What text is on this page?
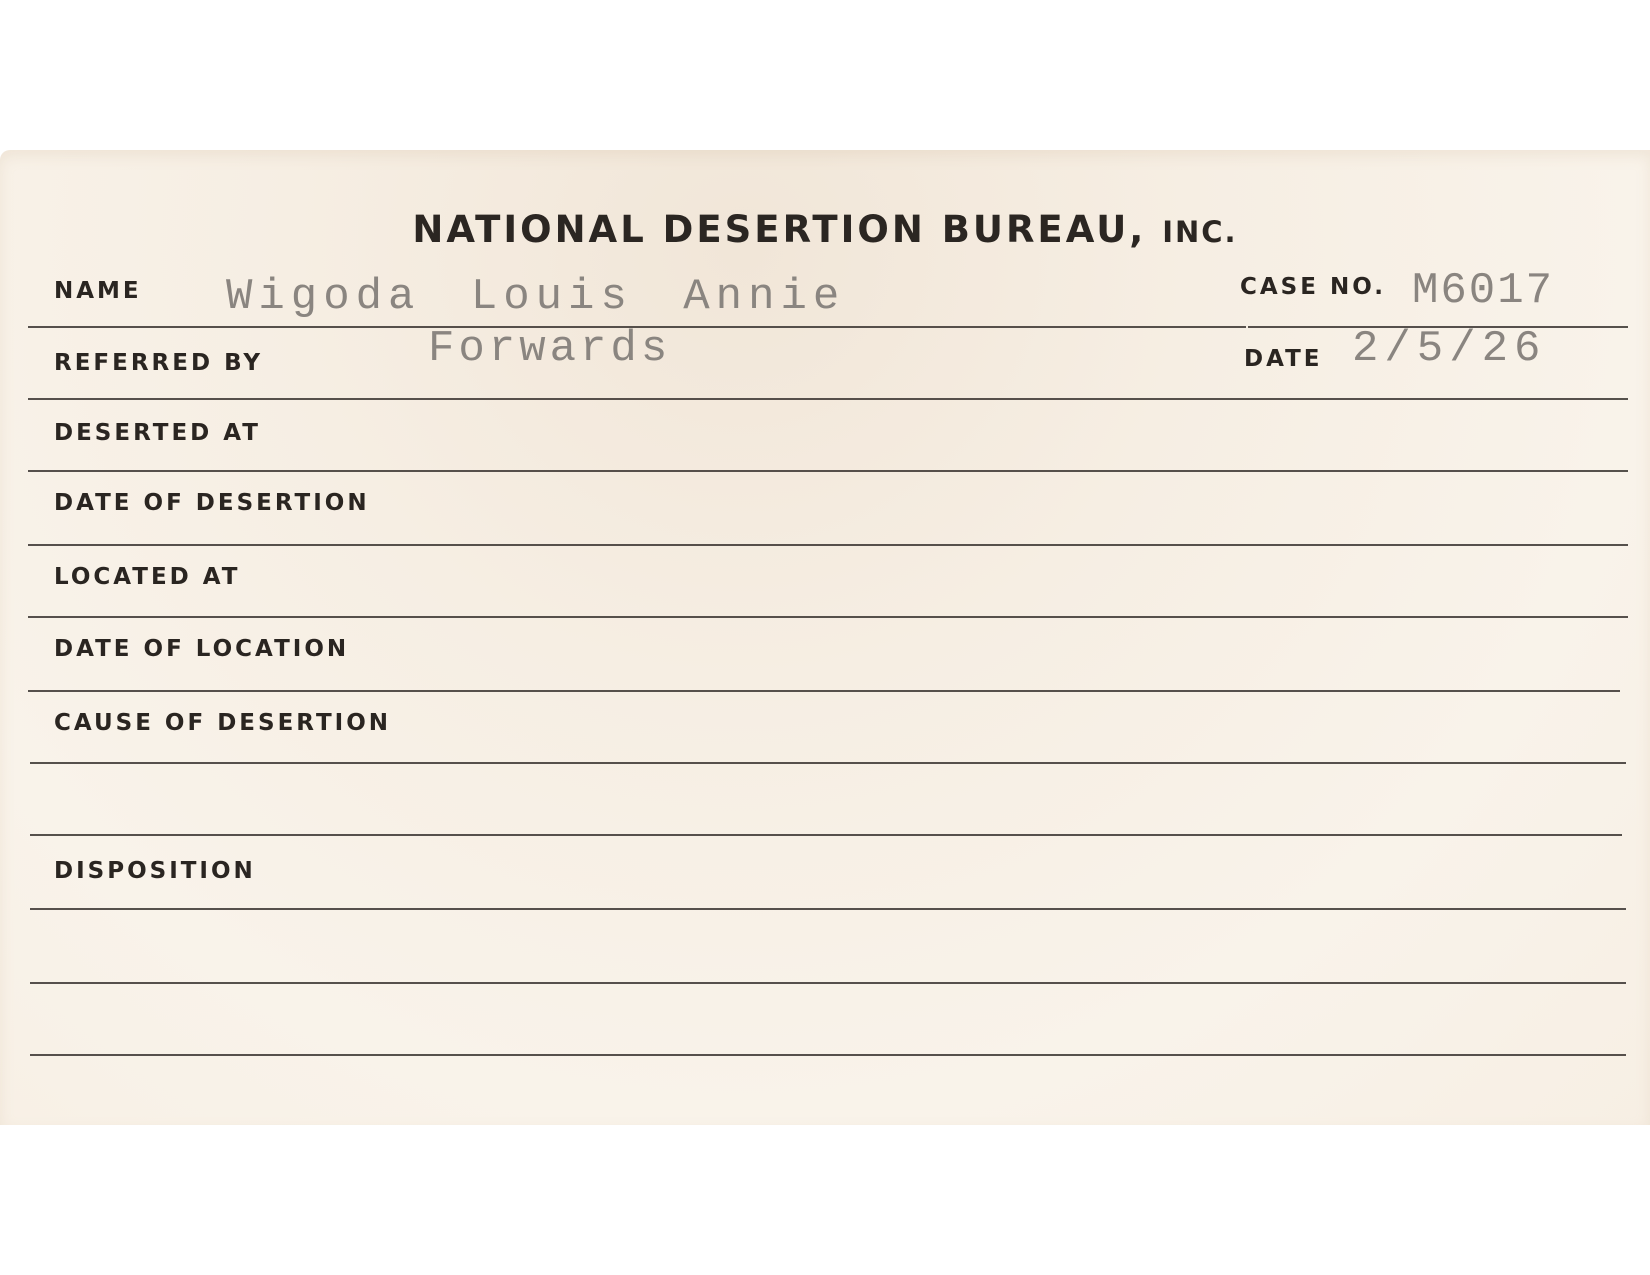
NATIONAL DESERTION BUREAU, INC.
NAME Wigoda Louis Annie	CASE NO. M6017
REFERRED BY	Forwards	DATE 2/5/26
DESERTED AT
DATE OF DESERTION
LOCATED AT
DATE OF LOCATION
CAUSE OF DESERTION
DISPOSITION
